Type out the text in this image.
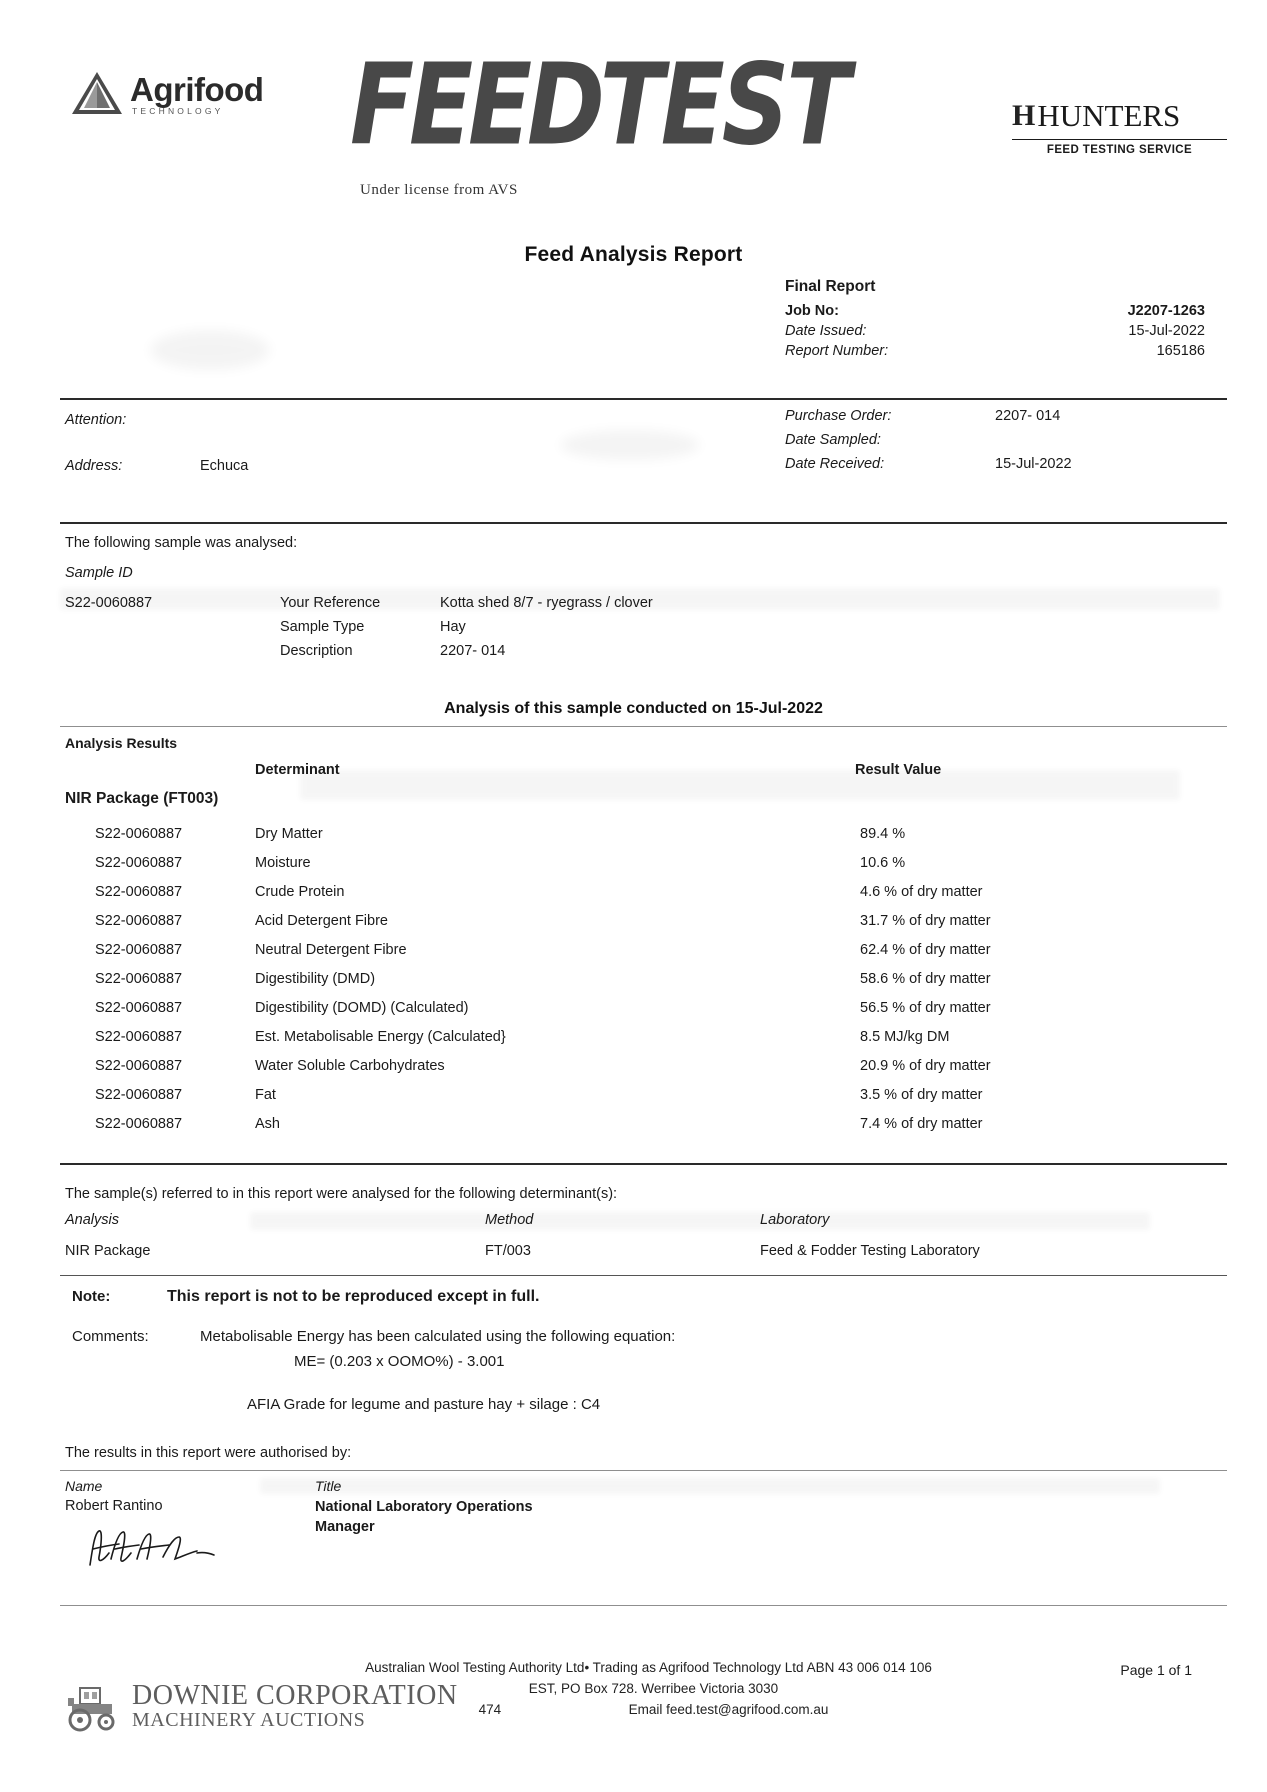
Agrifood
TECHNOLOGY	FEEDTEST
Under license from AVS
H HUNTERS
FEED TESTING SERVICE
Feed Analysis Report
Final Report
Job No:	J2207-1263
Date Issued:	15-Jul-2022
Report Number:	165186
Attention:
Address:	Echuca
Purchase Order:	2207- 014
Date Sampled:
Date Received:	15-Jul-2022
The following sample was analysed:
Sample ID
S22-0060887	Your Reference	Kotta shed 8/7 - ryegrass / clover
Sample Type	Hay
Description	2207- 014
Analysis of this sample conducted on 15-Jul-2022
Analysis Results
Determinant	Result Value
NIR Package (FT003)
S22-0060887	Dry Matter	89.4 %
S22-0060887	Moisture	10.6 %
S22-0060887	Crude Protein	4.6 % of dry matter
S22-0060887	Acid Detergent Fibre	31.7 % of dry matter
S22-0060887	Neutral Detergent Fibre	62.4 % of dry matter
S22-0060887	Digestibility (DMD)	58.6 % of dry matter
S22-0060887	Digestibility (DOMD) (Calculated)	56.5 % of dry matter
S22-0060887	Est. Metabolisable Energy (Calculated}	8.5 MJ/kg DM
S22-0060887	Water Soluble Carbohydrates	20.9 % of dry matter
S22-0060887	Fat	3.5 % of dry matter
S22-0060887	Ash	7.4 % of dry matter
The sample(s) referred to in this report were analysed for the following determinant(s):
Analysis	Method	Laboratory
NIR Package	FT/003	Feed & Fodder Testing Laboratory
Note:	This report is not to be reproduced except in full.
Comments:	Metabolisable Energy has been calculated using the following equation:
ME= (0.203 x OOMO%) - 3.001
AFIA Grade for legume and pasture hay + silage : C4
The results in this report were authorised by:
Name	Title
Robert Rantino	National Laboratory Operations
Manager
Australian Wool Testing Authority Ltd• Trading as Agrifood Technology Ltd ABN 43 006 014 106
EST, PO Box 728. Werribee Victoria 3030
474	Email feed.test@agrifood.com.au
Page 1 of 1
DOWNIE CORPORATION
MACHINERY AUCTIONS
